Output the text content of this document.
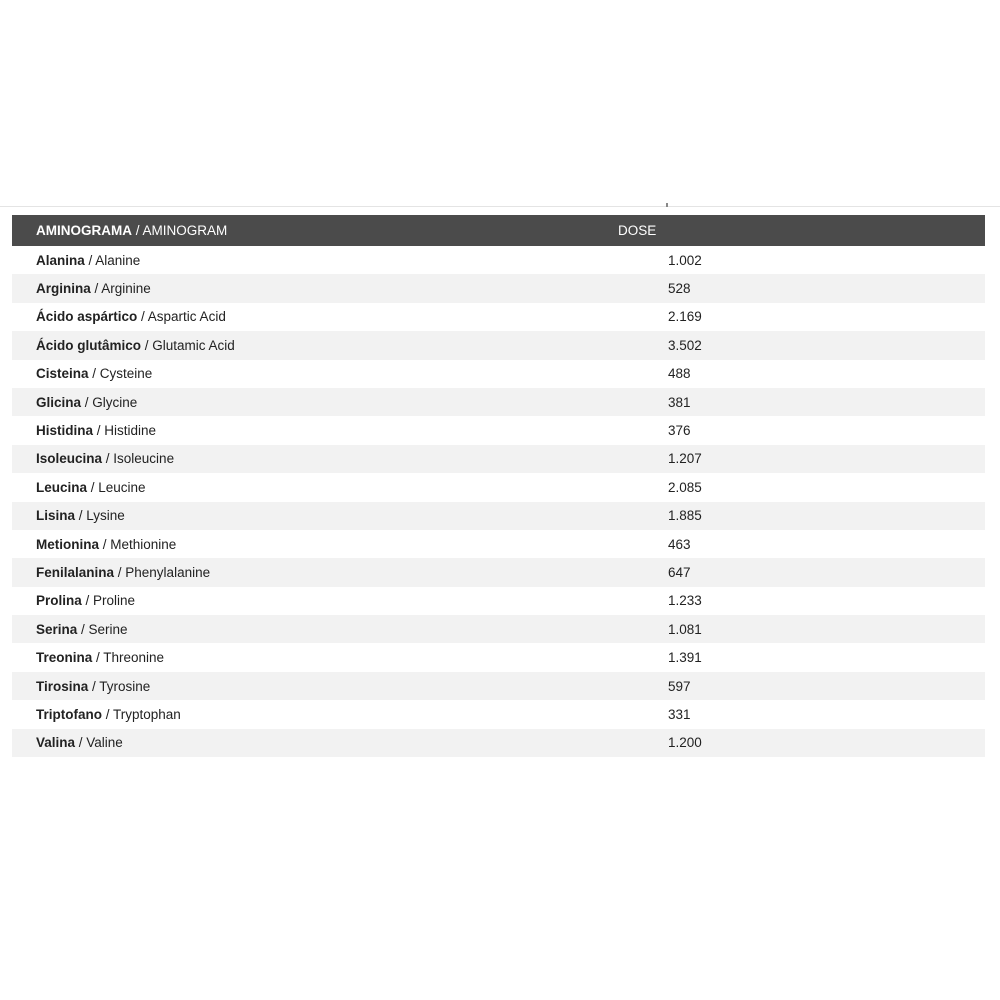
AMINOGRAMA / AMINOGRAM	DOSE
Alanina / Alanine	1.002
Arginina / Arginine	528
Ácido aspártico / Aspartic Acid	2.169
Ácido glutâmico / Glutamic Acid	3.502
Cisteina / Cysteine	488
Glicina / Glycine	381
Histidina / Histidine	376
Isoleucina / Isoleucine	1.207
Leucina / Leucine	2.085
Lisina / Lysine	1.885
Metionina / Methionine	463
Fenilalanina / Phenylalanine	647
Prolina / Proline	1.233
Serina / Serine	1.081
Treonina / Threonine	1.391
Tirosina / Tyrosine	597
Triptofano / Tryptophan	331
Valina / Valine	1.200
